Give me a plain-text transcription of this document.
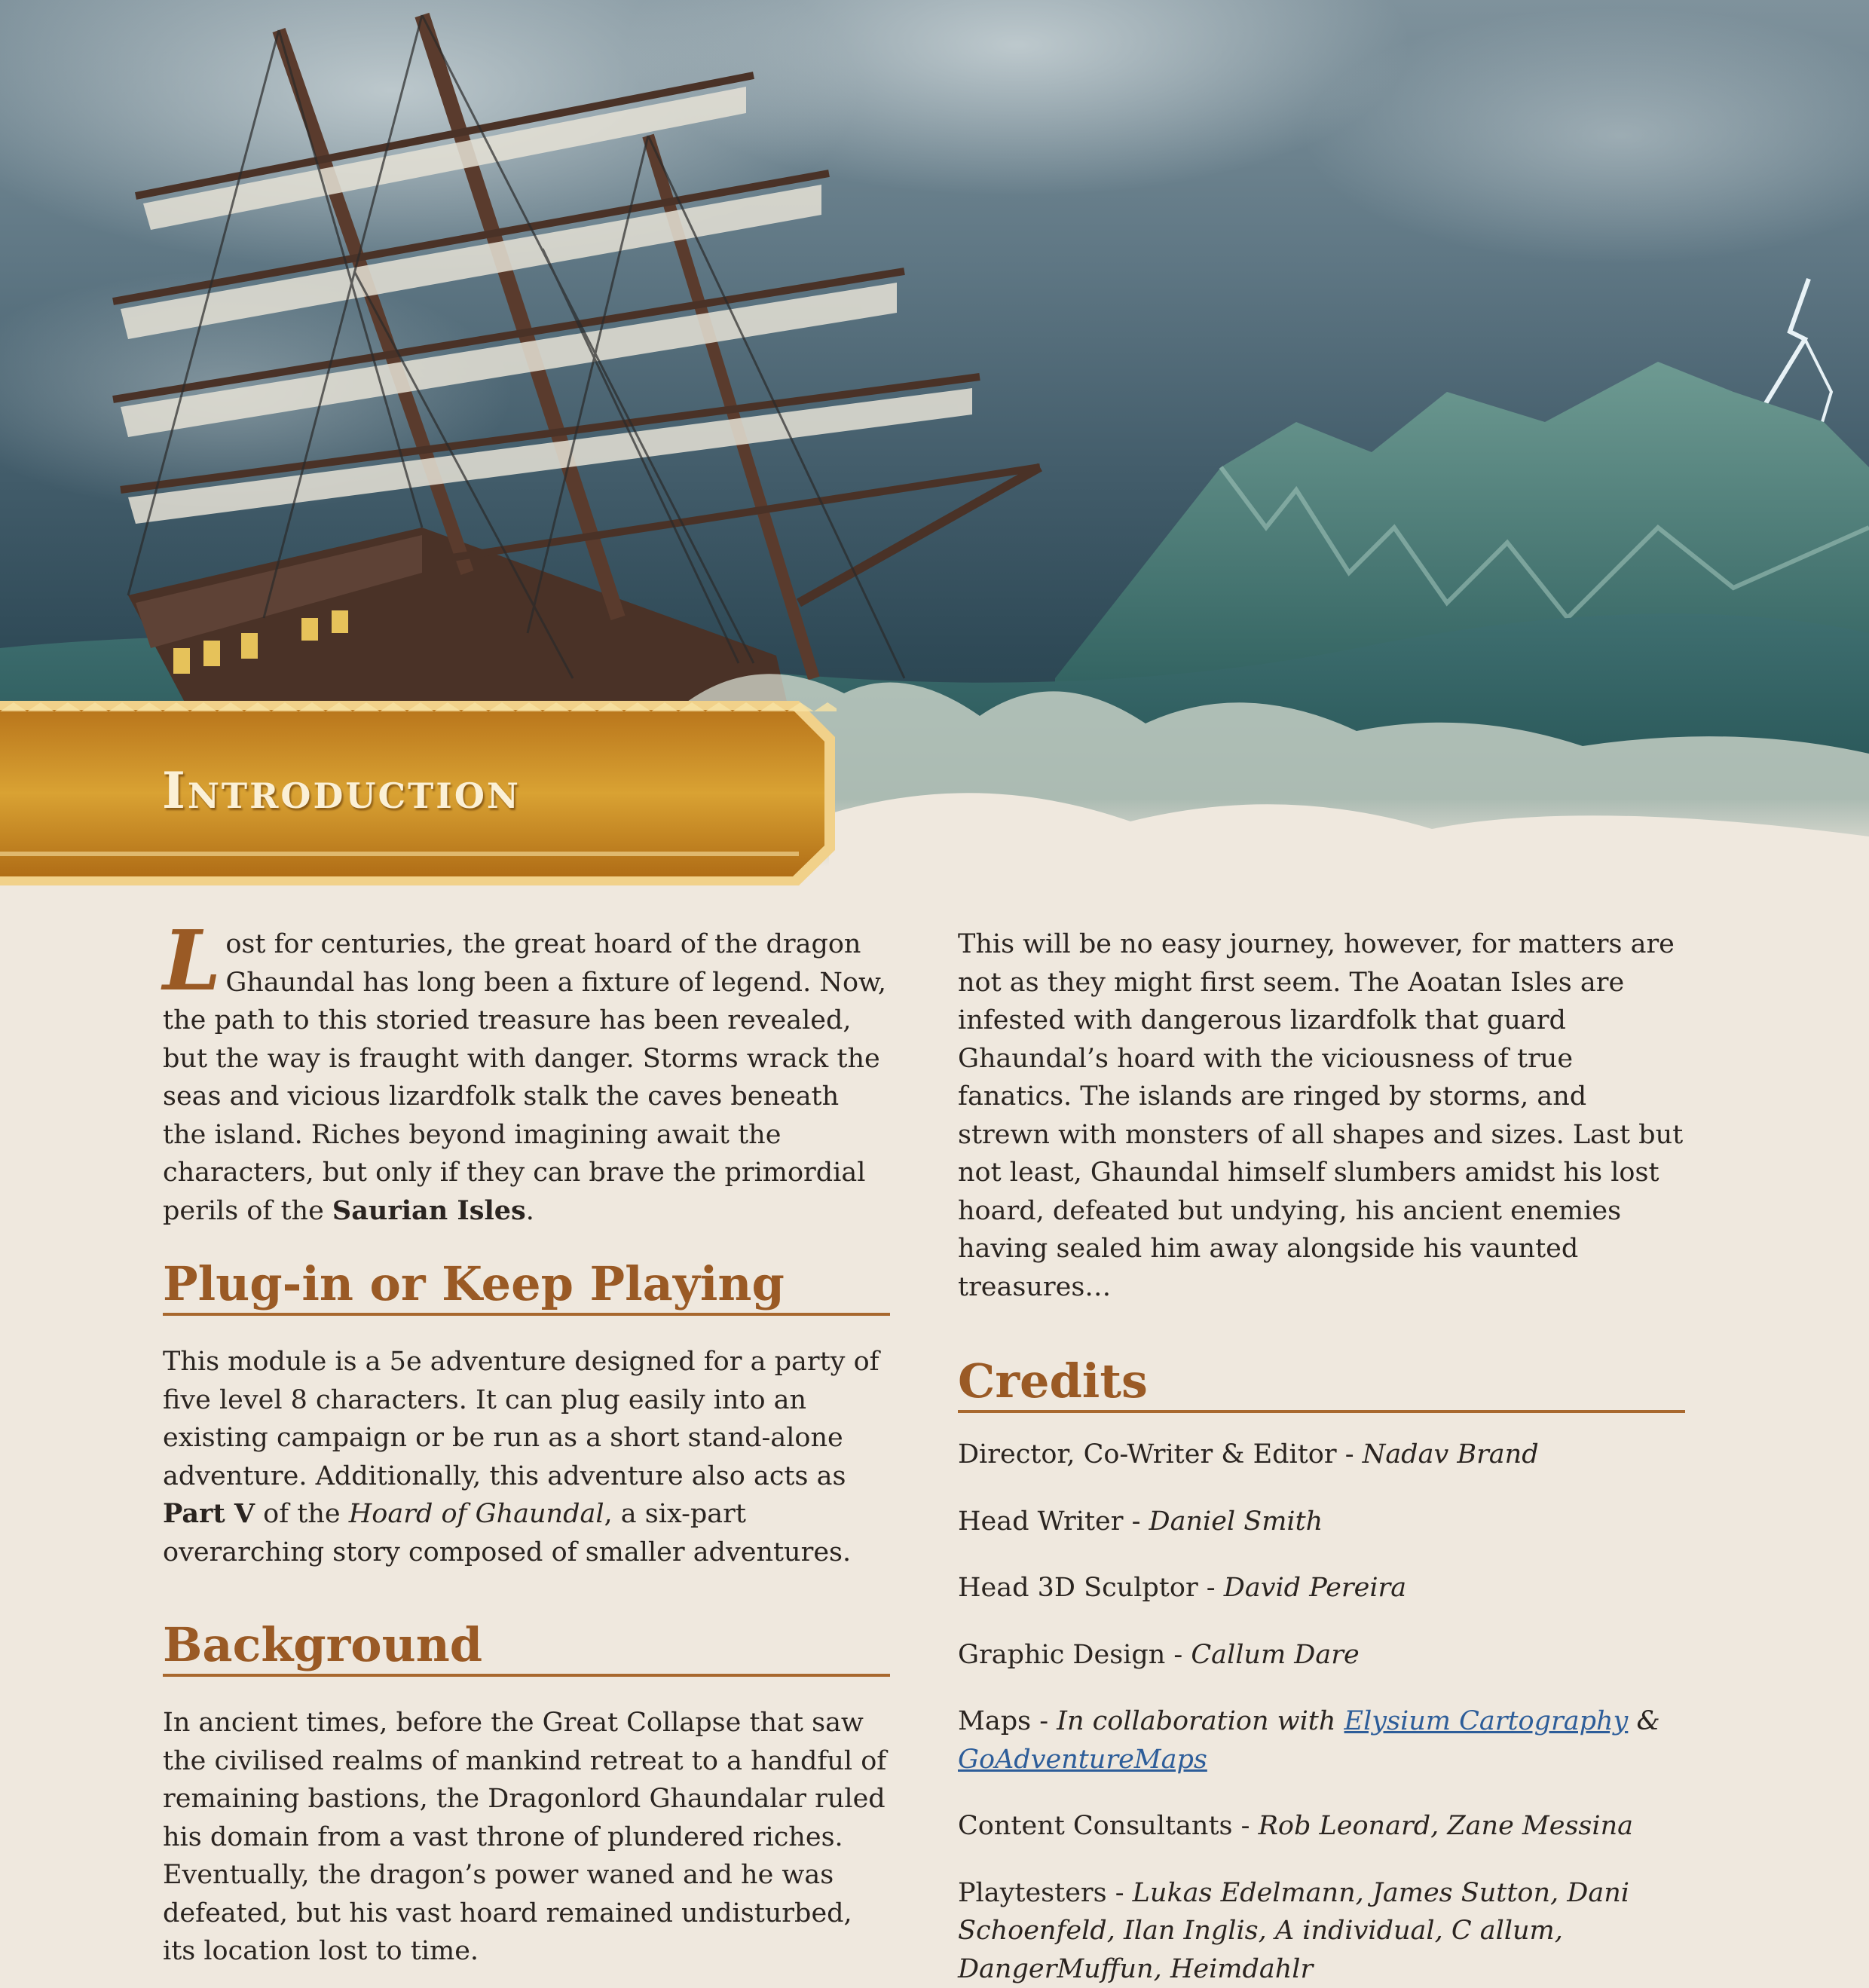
Introduction

Lost for centuries, the great hoard of the dragon Ghaundal has long been a fixture of legend. Now, the path to this storied treasure has been revealed, but the way is fraught with danger. Storms wrack the seas and vicious lizardfolk stalk the caves beneath the island. Riches beyond imagining await the characters, but only if they can brave the primordial perils of the Saurian Isles.

Plug-in or Keep Playing

This module is a 5e adventure designed for a party of five level 8 characters. It can plug easily into an existing campaign or be run as a short stand-alone adventure. Additionally, this adventure also acts as Part V of the Hoard of Ghaundal, a six-part overarching story composed of smaller adventures.

Background

In ancient times, before the Great Collapse that saw the civilised realms of mankind retreat to a handful of remaining bastions, the Dragonlord Ghaundalar ruled his domain from a vast throne of plundered riches. Eventually, the dragon’s power waned and he was defeated, but his vast hoard remained undisturbed, its location lost to time.

This will be no easy journey, however, for matters are not as they might first seem. The Aoatan Isles are infested with dangerous lizardfolk that guard Ghaundal’s hoard with the viciousness of true fanatics. The islands are ringed by storms, and strewn with monsters of all shapes and sizes. Last but not least, Ghaundal himself slumbers amidst his lost hoard, defeated but undying, his ancient enemies having sealed him away alongside his vaunted treasures…

Credits

Director, Co-Writer & Editor - Nadav Brand

Head Writer - Daniel Smith

Head 3D Sculptor - David Pereira

Graphic Design - Callum Dare

Maps - In collaboration with Elysium Cartography & GoAdventureMaps

Content Consultants - Rob Leonard, Zane Messina

Playtesters - Lukas Edelmann, James Sutton, Dani Schoenfeld, Ilan Inglis, A individual, C allum, DangerMuffun, Heimdahlr
